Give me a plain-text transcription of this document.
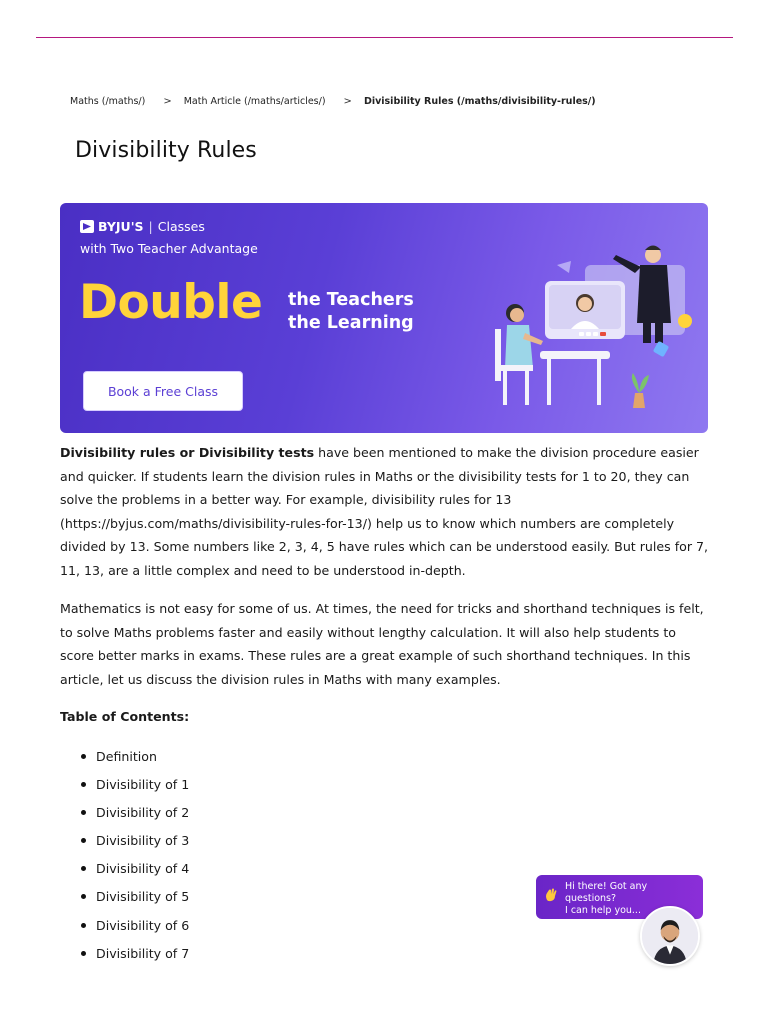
Maths (/maths/) > Math Article (/maths/articles/) > Divisibility Rules (/maths/divisibility-rules/)
Divisibility Rules
BYJU'S | Classes
with Two Teacher Advantage
Double the Teachers
the Learning
Book a Free Class

Divisibility rules or Divisibility tests have been mentioned to make the division procedure easier and quicker. If students learn the division rules in Maths or the divisibility tests for 1 to 20, they can solve the problems in a better way. For example, divisibility rules for 13 (https://byjus.com/maths/divisibility-rules-for-13/) help us to know which numbers are completely divided by 13. Some numbers like 2, 3, 4, 5 have rules which can be understood easily. But rules for 7, 11, 13, are a little complex and need to be understood in-depth.

Mathematics is not easy for some of us. At times, the need for tricks and shorthand techniques is felt, to solve Maths problems faster and easily without lengthy calculation. It will also help students to score better marks in exams. These rules are a great example of such shorthand techniques. In this article, let us discuss the division rules in Maths with many examples.

Table of Contents:
Definition
Divisibility of 1
Divisibility of 2
Divisibility of 3
Divisibility of 4
Divisibility of 5
Divisibility of 6
Divisibility of 7
Hi there! Got any questions?
I can help you...
